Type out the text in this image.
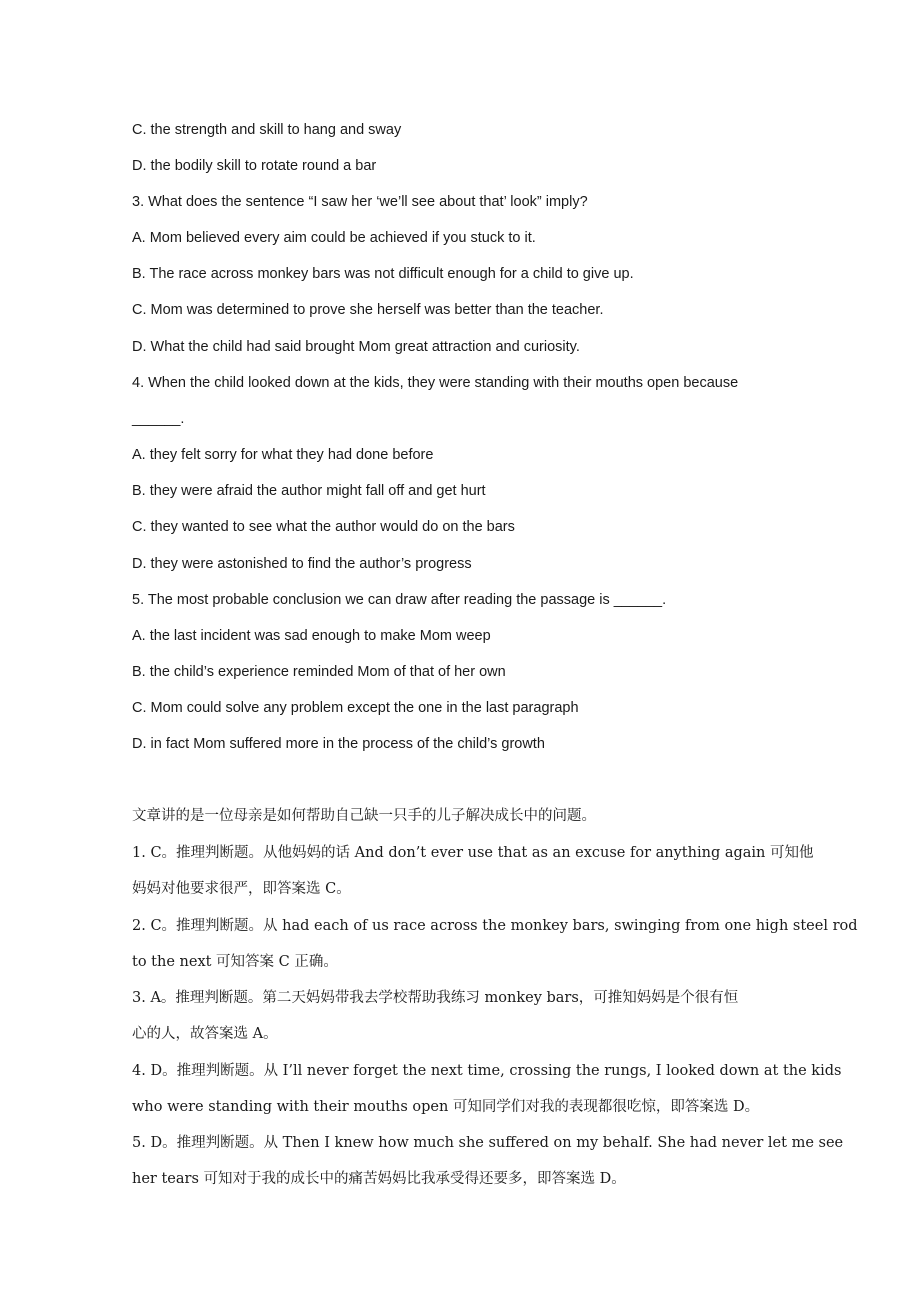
C. the strength and skill to hang and sway
D. the bodily skill to rotate round a bar
3. What does the sentence “I saw her ‘we’ll see about that’ look” imply?
A. Mom believed every aim could be achieved if you stuck to it.
B. The race across monkey bars was not difficult enough for a child to give up.
C. Mom was determined to prove she herself was better than the teacher.
D. What the child had said brought Mom great attraction and curiosity.
4. When the child looked down at the kids, they were standing with their mouths open because
______.
A. they felt sorry for what they had done before
B. they were afraid the author might fall off and get hurt
C. they wanted to see what the author would do on the bars
D. they were astonished to find the author’s progress
5. The most probable conclusion we can draw after reading the passage is ______.
A. the last incident was sad enough to make Mom weep
B. the child’s experience reminded Mom of that of her own
C. Mom could solve any problem except the one in the last paragraph
D. in fact Mom suffered more in the process of the child’s growth
文章讲的是一位母亲是如何帮助自己缺一只手的儿子解决成长中的问题。
1. C。推理判断题。从他妈妈的话 And don’t ever use that as an excuse for anything again 可知他
妈妈对他要求很严，即答案选 C。
2. C。推理判断题。从 had each of us race across the monkey bars, swinging from one high steel rod
to the next 可知答案 C 正确。
3. A。推理判断题。第二天妈妈带我去学校帮助我练习 monkey bars，可推知妈妈是个很有恒
心的人，故答案选 A。
4. D。推理判断题。从 I’ll never forget the next time, crossing the rungs, I looked down at the kids
who were standing with their mouths open 可知同学们对我的表现都很吃惊，即答案选 D。
5. D。推理判断题。从 Then I knew how much she suffered on my behalf. She had never let me see
her tears 可知对于我的成长中的痛苦妈妈比我承受得还要多，即答案选 D。
